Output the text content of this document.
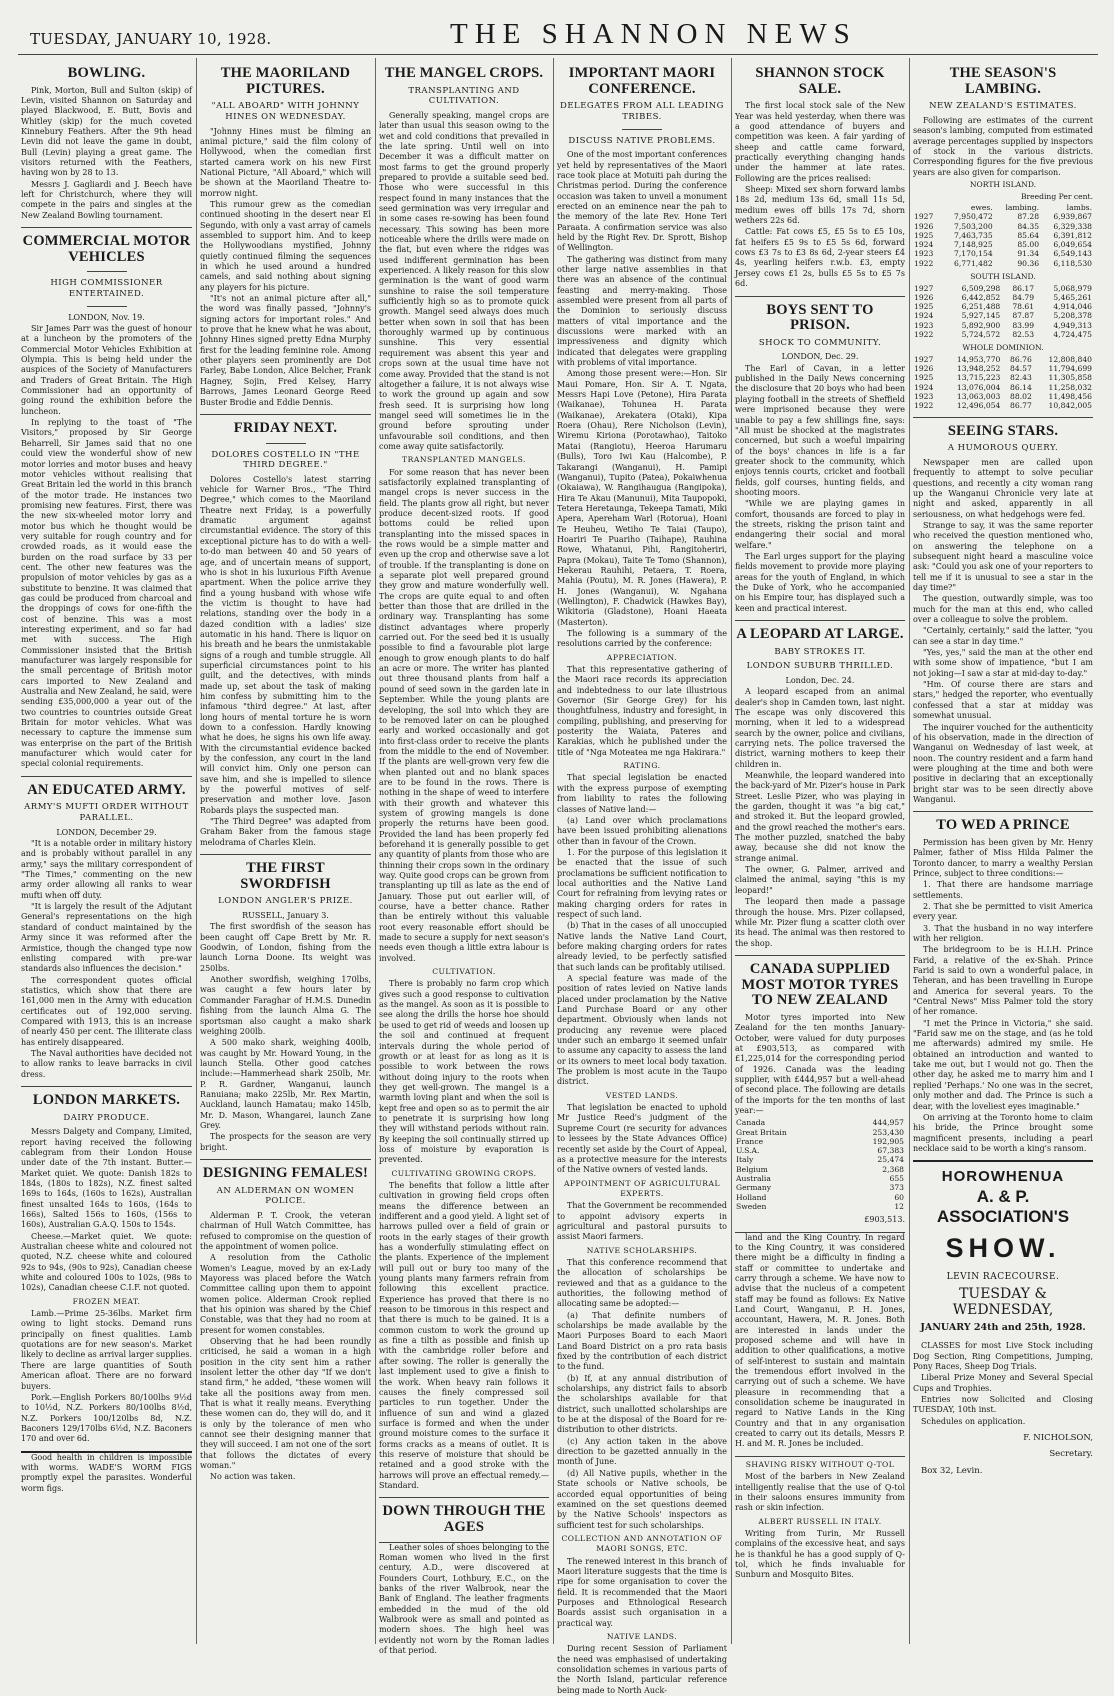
TUESDAY, JANUARY 10, 1928.	THE SHANNON NEWS
BOWLING.

Pink, Morton, Bull and Sulton (skip) of Levin, visited Shannon on Saturday and played Blackwood, E. Butt, Bovis and Whitley (skip) for the much coveted Kinnebury Feathers. After the 9th head Levin did not leave the game in doubt, Bull (Levin) playing a great game. The visitors returned with the Feathers, having won by 28 to 13.

Messrs J. Gagliardi and J. Beech have left for Christchurch, where they will compete in the pairs and singles at the New Zealand Bowling tournament.

COMMERCIAL MOTOR VEHICLES
HIGH COMMISSIONER ENTERTAINED.

LONDON, Nov. 19.

Sir James Parr was the guest of honour at a luncheon by the promoters of the Commercial Motor Vehicles Exhibition at Olympia. This is being held under the auspices of the Society of Manufacturers and Traders of Great Britain. The High Commissioner had an opportunity of going round the exhibition before the luncheon.

In replying to the toast of "The Visitors," proposed by Sir George Beharrell, Sir James said that no one could view the wonderful show of new motor lorries and motor buses and heavy motor vehicles without realising that Great Britain led the world in this branch of the motor trade. He instances two promising new features. First, there was the new six-wheeled motor lorry and motor bus which he thought would be very suitable for rough country and for crowded roads, as it would ease the burden on the road surface by 33 per cent. The other new features was the propulsion of motor vehicles by gas as a substitute to benzine. It was claimed that gas could be produced from charcoal and the droppings of cows for one-fifth the cost of benzine. This was a most interesting experiment, and so far had met with success. The High Commissioner insisted that the British manufacturer was largely responsible for the small percentage of British motor cars imported to New Zealand and Australia and New Zealand, he said, were sending £35,000,000 a year out of the two countries to countries outside Great Britain for motor vehicles. What was necessary to capture the immense sum was enterprise on the part of the British manufacturer which would cater for special colonial requirements.

AN EDUCATED ARMY.
ARMY'S MUFTI ORDER WITHOUT PARALLEL.

LONDON, December 29.

"It is a notable order in military history and is probably without parallel in any army," says the military correspondent of "The Times," commenting on the new army order allowing all ranks to wear mufti when off duty.

"It is largely the result of the Adjutant General's representations on the high standard of conduct maintained by the Army since it was reformed after the Armistice, though the changed type now enlisting compared with pre-war standards also influences the decision."

The correspondent quotes official statistics, which show that there are 161,000 men in the Army with education certificates out of 192,000 serving. Compared with 1913, this is an increase of nearly 450 per cent. The illiterate class has entirely disappeared.

The Naval authorities have decided not to allow ranks to leave barracks in civil dress.

LONDON MARKETS.
DAIRY PRODUCE.

Messrs Dalgety and Company, Limited, report having received the following cablegram from their London House under date of the 7th instant. Butter.—Market quiet. We quote: Danish 182s to 184s, (180s to 182s), N.Z. finest salted 169s to 164s, (160s to 162s), Australian finest unsalted 164s to 160s, (164s to 166s), Salted 156s to 160s, (156s to 160s), Australian G.A.Q. 150s to 154s.

Cheese.—Market quiet. We quote: Australian cheese white and coloured not quoted, N.Z. cheese white and coloured 92s to 94s, (90s to 92s), Canadian cheese white and coloured 100s to 102s, (98s to 102s), Canadian cheese C.I.F. not quoted.

FROZEN MEAT.

Lamb.—Prime 25-36lbs. Market firm owing to light stocks. Demand runs principally on finest qualities. Lamb quotations are for new season's. Market likely to decline as arrival larger supplies. There are large quantities of South American afloat. There are no forward buyers.

Pork.—English Porkers 80/100lbs 9½d to 10½d, N.Z. Porkers 80/100lbs 8½d, N.Z. Porkers 100/120lbs 8d, N.Z. Baconers 129/170lbs 6½d, N.Z. Baconers 170 and over 6d.

Good health in children is impossible with worms. WADE'S WORM FIGS promptly expel the parasites. Wonderful worm figs.

THE MAORILAND PICTURES.
"ALL ABOARD" WITH JOHNNY HINES ON WEDNESDAY.

"Johnny Hines must be filming an animal picture," said the film colony of Hollywood, when the comedian first started camera work on his new First National Picture, "All Aboard," which will be shown at the Maoriland Theatre to-morrow night.

This rumour grew as the comedian continued shooting in the desert near El Segundo, with only a vast array of camels assembled to support him. And to keep the Hollywoodians mystified, Johnny quietly continued filming the sequences in which he used around a hundred camels, and said nothing about signing any players for his picture.

"It's not an animal picture after all," the word was finally passed, "Johnny's signing actors for important roles." And to prove that he knew what he was about, Johnny Hines signed pretty Edna Murphy first for the leading feminine role. Among other players seen prominently are Dot Farley, Babe London, Alice Belcher, Frank Hagney, Sojin, Fred Kelsey, Harry Barrows, James Leonard George Reed Buster Brodie and Eddie Dennis.

FRIDAY NEXT.
DOLORES COSTELLO IN "THE THIRD DEGREE."

Dolores Costello's latest starring vehicle for Warner Bros., "The Third Degree," which comes to the Maoriland Theatre next Friday, is a powerfully dramatic argument against circumstantial evidence. The story of this exceptional picture has to do with a well-to-do man between 40 and 50 years of age, and of uncertain means of support, who is shot in his luxurious Fifth Avenue apartment. When the police arrive they find a young husband with whose wife the victim is thought to have had relations, standing over the body in a dazed condition with a ladies' size automatic in his hand. There is liquor on his breath and he bears the unmistakable signs of a rough and tumble struggle. All superficial circumstances point to his guilt, and the detectives, with minds made up, set about the task of making him confess by submitting him to the infamous "third degree." At last, after long hours of mental torture he is worn down to a confession. Hardly knowing what he does, he signs his own life away. With the circumstantial evidence backed by the confession, any court in the land will convict him. Only one person can save him, and she is impelled to silence by the powerful motives of self-preservation and mother love. Jason Robards plays the suspected man.

"The Third Degree" was adapted from Graham Baker from the famous stage melodrama of Charles Klein.

THE FIRST SWORDFISH
LONDON ANGLER'S PRIZE.

RUSSELL, January 3.

The first swordfish of the season has been caught off Cape Brett by Mr. R. Goodwin, of London, fishing from the launch Lorna Doone. Its weight was 250lbs.

Another swordfish, weighing 170lbs, was caught a few hours later by Commander Faraghar of H.M.S. Dunedin fishing from the launch Alma G. The sportsman also caught a mako shark weighing 200lb.

A 500 mako shark, weighing 400lb, was caught by Mr. Howard Young, in the launch Stella. Other good catches include:—Hammerhead shark 250lb, Mr. P. R. Gardner, Wanganui, launch Ranuiana; mako 225lb, Mr. Rex Martin, Auckland, launch Hamatau; mako 145lb, Mr. D. Mason, Whangarei, launch Zane Grey.

The prospects for the season are very bright.

DESIGNING FEMALES!
AN ALDERMAN ON WOMEN POLICE.

Alderman P. T. Crook, the veteran chairman of Hull Watch Committee, has refused to compromise on the question of the appointment of women police.

A resolution from the Catholic Women's League, moved by an ex-Lady Mayoress was placed before the Watch Committee calling upon them to appoint women police. Alderman Crook replied that his opinion was shared by the Chief Constable, was that they had no room at present for women constables.

Observing that he had been roundly criticised, he said a woman in a high position in the city sent him a rather insolent letter the other day "If we don't stand firm," he added, "these women will take all the positions away from men. That is what it really means. Everything these women can do, they will do, and it is only by the tolerance of men who cannot see their designing manner that they will succeed. I am not one of the sort that follows the dictates of every woman."

No action was taken.

THE MANGEL CROPS.
TRANSPLANTING AND CULTIVATION.

Generally speaking, mangel crops are later than usual this season owing to the wet and cold conditions that prevailed in the late spring. Until well on into December it was a difficult matter on most farms to get the ground properly prepared to provide a suitable seed bed. Those who were successful in this respect found in many instances that the seed germination was very irregular and in some cases re-sowing has been found necessary. This sowing has been more noticeable where the drills were made on the flat, but even where the ridges was used indifferent germination has been experienced. A likely reason for this slow germination is the want of good warm sunshine to raise the soil temperature sufficiently high so as to promote quick growth. Mangel seed always does much better when sown in soil that has been thoroughly warmed up by continuous sunshine. This very essential requirement was absent this year and crops sown at the usual time have not come away. Provided that the stand is not altogether a failure, it is not always wise to work the ground up again and sow fresh seed. It is surprising how long mangel seed will sometimes lie in the ground before sprouting under unfavourable soil conditions, and then come away quite satisfactorily.

TRANSPLANTED MANGELS.

For some reason that has never been satisfactorily explained transplanting of mangel crops is never success in the field. The plants grow all right, but never produce decent-sized roots. If good bottoms could be relied upon transplanting into the missed spaces in the rows would be a simple matter and even up the crop and otherwise save a lot of trouble. If the transplanting is done on a separate plot well prepared ground they grow and mature wonderfully well. The crops are quite equal to and often better than those that are drilled in the ordinary way. Transplanting has some distinct advantages where properly carried out. For the seed bed it is usually possible to find a favourable plot large enough to grow enough plants to do half an acre or more. The writer has planted out three thousand plants from half a pound of seed sown in the garden late in September. While the young plants are developing, the soil into which they are to be removed later on can be ploughed early and worked occasionally and got into first-class order to receive the plants from the middle to the end of November. If the plants are well-grown very few die when planted out and no blank spaces are to be found in the rows. There is nothing in the shape of weed to interfere with their growth and whatever this system of growing mangels is done properly the returns have been good. Provided the land has been properly fed beforehand it is generally possible to get any quantity of plants from those who are thinning their crops sown in the ordinary way. Quite good crops can be grown from transplanting up till as late as the end of January. Those put out earlier will, of course, have a better chance. Rather than be entirely without this valuable root every reasonable effort should be made to secure a supply for next season's needs even though a little extra labour is involved.

CULTIVATION.

There is probably no farm crop which gives such a good response to cultivation as the mangel. As soon as it is possible to see along the drills the horse hoe should be used to get rid of weeds and loosen up the soil and continued at frequent intervals during the whole period of growth or at least for as long as it is possible to work between the rows without doing injury to the roots when they get well-grown. The mangel is a warmth loving plant and when the soil is kept free and open so as to permit the air to penetrate it is surprising how long they will withstand periods without rain. By keeping the soil continually stirred up loss of moisture by evaporation is prevented.

CULTIVATING GROWING CROPS.

The benefits that follow a little after cultivation in growing field crops often means the difference between an indifferent and a good yield. A light set of harrows pulled over a field of grain or roots in the early stages of their growth has a wonderfully stimulating effect on the plants. Experience of the implement will pull out or bury too many of the young plants many farmers refrain from following this excellent practice. Experience has proved that there is no reason to be timorous in this respect and that there is much to be gained. It is a common custom to work the ground up as fine a tilth as possible and finish up with the cambridge roller before and after sowing. The roller is generally the last implement used to give a finish to the work. When heavy rain follows it causes the finely compressed soil particles to run together. Under the influence of sun and wind a glazed surface is formed and when the under ground moisture comes to the surface it forms cracks as a means of outlet. It is this reserve of moisture that should be retained and a good stroke with the harrows will prove an effectual remedy.—Standard.

DOWN THROUGH THE AGES

Leather soles of shoes belonging to the Roman women who lived in the first century, A.D., were discovered at Founders Court, Lothbury, E.C., on the banks of the river Walbrook, near the Bank of England. The leather fragments embedded in the mud of the old Walbrook were as small and pointed as modern shoes. The high heel was evidently not worn by the Roman ladies of that period.

IMPORTANT MAORI CONFERENCE.
DELEGATES FROM ALL LEADING TRIBES.
DISCUSS NATIVE PROBLEMS.

One of the most important conferences yet held by representatives of the Maori race took place at Motuiti pah during the Christmas period. During the conference occasion was taken to unveil a monument erected on an eminence near the pah to the memory of the late Rev. Hone Teri Paraata. A confirmation service was also held by the Right Rev. Dr. Sprott, Bishop of Wellington.

The gathering was distinct from many other large native assemblies in that there was an absence of the continual feasting and merry-making. Those assembled were present from all parts of the Dominion to seriously discuss matters of vital importance and the discussions were marked with an impressiveness and dignity which indicated that delegates were grappling with problems of vital importance.

Among those present were:—Hon. Sir Maui Pomare, Hon. Sir A. T. Ngata, Messrs Hapi Love (Petone), Hira Parata (Waikanae), Tohunea H. Parata (Waikanae), Arekatera (Otaki), Kipa Roera (Ohau), Rere Nicholson (Levin), Wiremu Kiriona (Porotawhao), Taitoko Matai (Rangiotu), Heeroa Harumaru (Bulls), Toro Iwi Kau (Halcombe), P. Takarangi (Wanganui), H. Pamipi (Wanganui), Tupito (Patea), Pokaiwhenua (Okaiawa), W. Rangihaugua (Rangipoka), Hira Te Akau (Manunui), Mita Taupopoki, Tetera Heretaunga, Tekeepa Tamati, Miki Apera, Apereham Warl (Rotorua), Hoani Te Heuheu, Wetiho Te Taiai (Taupo), Hoariri Te Puariho (Taihape), Rauhina Rowe, Whatanui, Pihi, Rangitoheriri, Papra (Mokau), Taite Te Tomo (Shannon), Hekerau Rauhihi, Petaera, T. Roera, Mahia (Poutu), M. R. Jones (Hawera), P. H. Jones (Wanganui), W. Ngahana (Wellington), F. Chadwick (Hawkes Bay), Wikitoria (Gladstone), Hoani Haeata (Masterton).

The following is a summary of the resolutions carried by the conference:

APPRECIATION.

That this representative gathering of the Maori race records its appreciation and indebtedness to our late illustrious Governor (Sir George Grey) for his thoughtfulness, industry and foresight, in compiling, publishing, and preserving for posterity the Waiata, Pateres and Karakias, which he published under the title of "Nga Moteatea me nga Hakirara."

RATING.

That special legislation be enacted with the express purpose of exempting from liability to rates the following classes of Native land:—

(a) Land over which proclamations have been issued prohibiting alienations other than in favour of the Crown.

1. For the purpose of this legislation it be enacted that the issue of such proclamations be sufficient notification to local authorities and the Native Land Court for refraining from levying rates or making charging orders for rates in respect of such land.

(b) That in the cases of all unoccupied Native lands the Native Land Court, before making charging orders for rates already levied, to be perfectly satisfied that such lands can be profitably utilised.

A special feature was made of the position of rates levied on Native lands placed under proclamation by the Native Land Purchase Board or any other department. Obviously when lands not producing any revenue were placed under such an embargo it seemed unfair to assume any capacity to assess the land or its owners to meet local body taxation. The problem is most acute in the Taupo district.

VESTED LANDS.

That legislation be enacted to uphold Mr Justice Reed's judgment of the Supreme Court (re security for advances to lessees by the State Advances Office) recently set aside by the Court of Appeal, as a protective measure for the interests of the Native owners of vested lands.

APPOINTMENT OF AGRICULTURAL EXPERTS.

That the Government be recommended to appoint advisory experts in agricultural and pastoral pursuits to assist Maori farmers.

NATIVE SCHOLARSHIPS.

That this conference recommend that the allocation of scholarships be reviewed and that as a guidance to the authorities, the following method of allocating same be adopted:—

(a) That definite numbers of scholarships be made available by the Maori Purposes Board to each Maori Land Board District on a pro rata basis fixed by the contribution of each district to the fund.

(b) If, at any annual distribution of scholarships, any district fails to absorb the scholarships available for that district, such unallotted scholarships are to be at the disposal of the Board for re-distribution to other districts.

(c) Any action taken in the above direction to be gazetted annually in the month of June.

(d) All Native pupils, whether in the State schools or Native schools, be accorded equal opportunities of being examined on the set questions deemed by the Native Schools' inspectors as sufficient test for such scholarships.

COLLECTION AND ANNOTATION OF MAORI SONGS, ETC.

The renewed interest in this branch of Maori literature suggests that the time is ripe for some organisation to cover the field. It is recommended that the Maori Purposes and Ethnological Research Boards assist such organisation in a practical way.

NATIVE LANDS.

During recent Session of Parliament the need was emphasised of undertaking consolidation schemes in various parts of the North Island, particular reference being made to North Auck-

SHANNON STOCK SALE.

The first local stock sale of the New Year was held yesterday, when there was a good attendance of buyers and competition was keen. A fair yarding of sheep and cattle came forward, practically everything changing hands under the hammer at late rates. Following are the prices realised:

Sheep: Mixed sex shorn forward lambs 18s 2d, medium 13s 6d, small 11s 5d, medium ewes off bills 17s 7d, shorn wethers 22s 6d.

Cattle: Fat cows £5, £5 5s to £5 10s, fat heifers £5 9s to £5 5s 6d, forward cows £3 7s to £3 8s 6d, 2-year steers £4 4s, yearling heifers r.w.b. £3, empty Jersey cows £1 2s, bulls £5 5s to £5 7s 6d.

BOYS SENT TO PRISON.
SHOCK TO COMMUNITY.

LONDON, Dec. 29.

The Earl of Cavan, in a letter published in the Daily News concerning the disclosure that 20 boys who had been playing football in the streets of Sheffield were imprisoned because they were unable to pay a few shillings fine, says: "All must be shocked at the magistrates concerned, but such a woeful impairing of the boys' chances in life is a far greater shock to the community, which enjoys tennis courts, cricket and football fields, golf courses, hunting fields, and shooting moors.

"While we are playing games in comfort, thousands are forced to play in the streets, risking the prison taint and endangering their social and moral welfare."

The Earl urges support for the playing fields movement to provide more playing areas for the youth of England, in which the Duke of York, who he accompanied on his Empire tour, has displayed such a keen and practical interest.

A LEOPARD AT LARGE.
BABY STROKES IT.
LONDON SUBURB THRILLED.

London, Dec. 24.

A leopard escaped from an animal dealer's shop in Camden town, last night. The escape was only discovered this morning, when it led to a widespread search by the owner, police and civilians, carrying nets. The police traversed the district, warning mothers to keep their children in.

Meanwhile, the leopard wandered into the back-yard of Mr. Pizer's house in Park Street. Leslie Pizer, who was playing in the garden, thought it was "a big cat," and stroked it. But the leopard growled, and the growl reached the mother's ears. The mother puzzled, snatched the baby away, because she did not know the strange animal.

The owner, G. Palmer, arrived and claimed the animal, saying "this is my leopard!"

The leopard then made a passage through the house. Mrs. Pizer collapsed, while Mr. Pizer flung a scatter cloth over its head. The animal was then restored to the shop.

CANADA SUPPLIED MOST MOTOR TYRES TO NEW ZEALAND

Motor tyres imported into New Zealand for the ten months January-October, were valued for duty purposes at £903,513, as compared with £1,225,014 for the corresponding period of 1926. Canada was the leading supplier, with £444,957 but a well-ahead of second place. The following are details of the imports for the ten months of last year:—

Canada	444,957
Great Britain	253,430
France	192,905
U.S.A.	67,383
Italy	25,474
Belgium	2,368
Australia	655
Germany	373
Holland	60
Sweden	12

£903,513.

land and the King Country. In regard to the King Country, it was considered there might be a difficulty in finding a staff or committee to undertake and carry through a scheme. We have now to advise that the nucleus of a competent staff may be found as follows: Ex Native Land Court, Wanganui, P. H. Jones, accountant, Hawera, M. R. Jones. Both are interested in lands under the proposed scheme and will have in addition to other qualifications, a motive of self-interest to sustain and maintain the tremendous effort involved in the carrying out of such a scheme. We have pleasure in recommending that a consolidation scheme be inaugurated in regard to Native Lands in the King Country and that in any organisation created to carry out its details, Messrs P. H. and M. R. Jones be included.

SHAVING RISKY WITHOUT Q-TOL

Most of the barbers in New Zealand intelligently realise that the use of Q-tol in their saloons ensures immunity from rash or skin infection.

ALBERT RUSSELL IN ITALY.

Writing from Turin, Mr Russell complains of the excessive heat, and says he is thankful he has a good supply of Q-tol, which he finds invaluable for Sunburn and Mosquito Bites.

THE SEASON'S LAMBING.
NEW ZEALAND'S ESTIMATES.

Following are estimates of the current season's lambing, computed from estimated average percentages supplied by inspectors of stock in the various districts. Corresponding figures for the five previous years are also given for comparison.

NORTH ISLAND.
Breeding Per cent.
	ewes.	lambing.	lambs.
1927	7,950,472	87.28	6,939,867
1926	7,503,200	84.35	6,329,338
1925	7,463,735	85.64	6,391,812
1924	7,148,925	85.00	6,049,654
1923	7,170,154	91.34	6,549,143
1922	6,771,482	90.36	6,118,530
SOUTH ISLAND.
1927	6,509,298	86.17	5,068,979
1926	6,442,852	84.79	5,465,261
1925	6,251,488	78.61	4,914,046
1924	5,927,145	87.87	5,208,378
1923	5,892,900	83.99	4,949,313
1922	5,724,572	82.53	4,724,475
WHOLE DOMINION.
1927	14,953,770	86.76	12,808,840
1926	13,948,252	84.57	11,794,699
1925	13,715,223	82.43	11,305,858
1924	13,076,004	86.14	11,258,032
1923	13,063,003	88.02	11,498,456
1922	12,496,054	86.77	10,842,005
SEEING STARS.
A HUMOROUS QUERY.

Newspaper men are called upon frequently to attempt to solve peculiar questions, and recently a city woman rang up the Wanganui Chronicle very late at night and asked, apparently in all seriousness, on what hedgehogs were fed.

Strange to say, it was the same reporter who received the question mentioned who, on answering the telephone on a subsequent night heard a masculine voice ask: "Could you ask one of your reporters to tell me if it is unusual to see a star in the day time?"

The question, outwardly simple, was too much for the man at this end, who called over a colleague to solve the problem.

"Certainly, certainly," said the latter, "you can see a star in day time."

"Yes, yes," said the man at the other end with some show of impatience, "but I am not joking—I saw a star at mid-day to-day."

"Hm. Of course there are stars and stars," hedged the reporter, who eventually confessed that a star at midday was somewhat unusual.

The inquirer vouched for the authenticity of his observation, made in the direction of Wanganui on Wednesday of last week, at noon. The country resident and a farm hand were ploughing at the time and both were positive in declaring that an exceptionally bright star was to be seen directly above Wanganui.

TO WED A PRINCE

Permission has been given by Mr. Henry Palmer, father of Miss Hilda Palmer the Toronto dancer, to marry a wealthy Persian Prince, subject to three conditions:—

1. That there are handsome marriage settlements.

2. That she be permitted to visit America every year.

3. That the husband in no way interfere with her religion.

The bridegroom to be is H.I.H. Prince Farid, a relative of the ex-Shah. Prince Farid is said to own a wonderful palace, in Teheran, and has been travelling in Europe and America for several years. To the "Central News" Miss Palmer told the story of her romance.

"I met the Prince in Victoria," she said. "Farid saw me on the stage, and (as he told me afterwards) admired my smile. He obtained an introduction and wanted to take me out, but I would not go. Then the other day, he asked me to marry him and I replied 'Perhaps.' No one was in the secret, only mother and dad. The Prince is such a dear, with the loveliest eyes imaginable."

On arriving at the Toronto home to claim his bride, the Prince brought some magnificent presents, including a pearl necklace said to be worth a king's ransom.

HOROWHENUA
A. & P. ASSOCIATION'S
SHOW.
LEVIN RACECOURSE.
TUESDAY & WEDNESDAY,
JANUARY 24th and 25th, 1928.

CLASSES for most Live Stock including Dog Section, Ring Competitions, Jumping, Pony Races, Sheep Dog Trials.

Liberal Prize Money and Several Special Cups and Trophies.

Entries now Solicited and Closing TUESDAY, 10th inst.

Schedules on application.

F. NICHOLSON,

Secretary.

Box 32, Levin.
